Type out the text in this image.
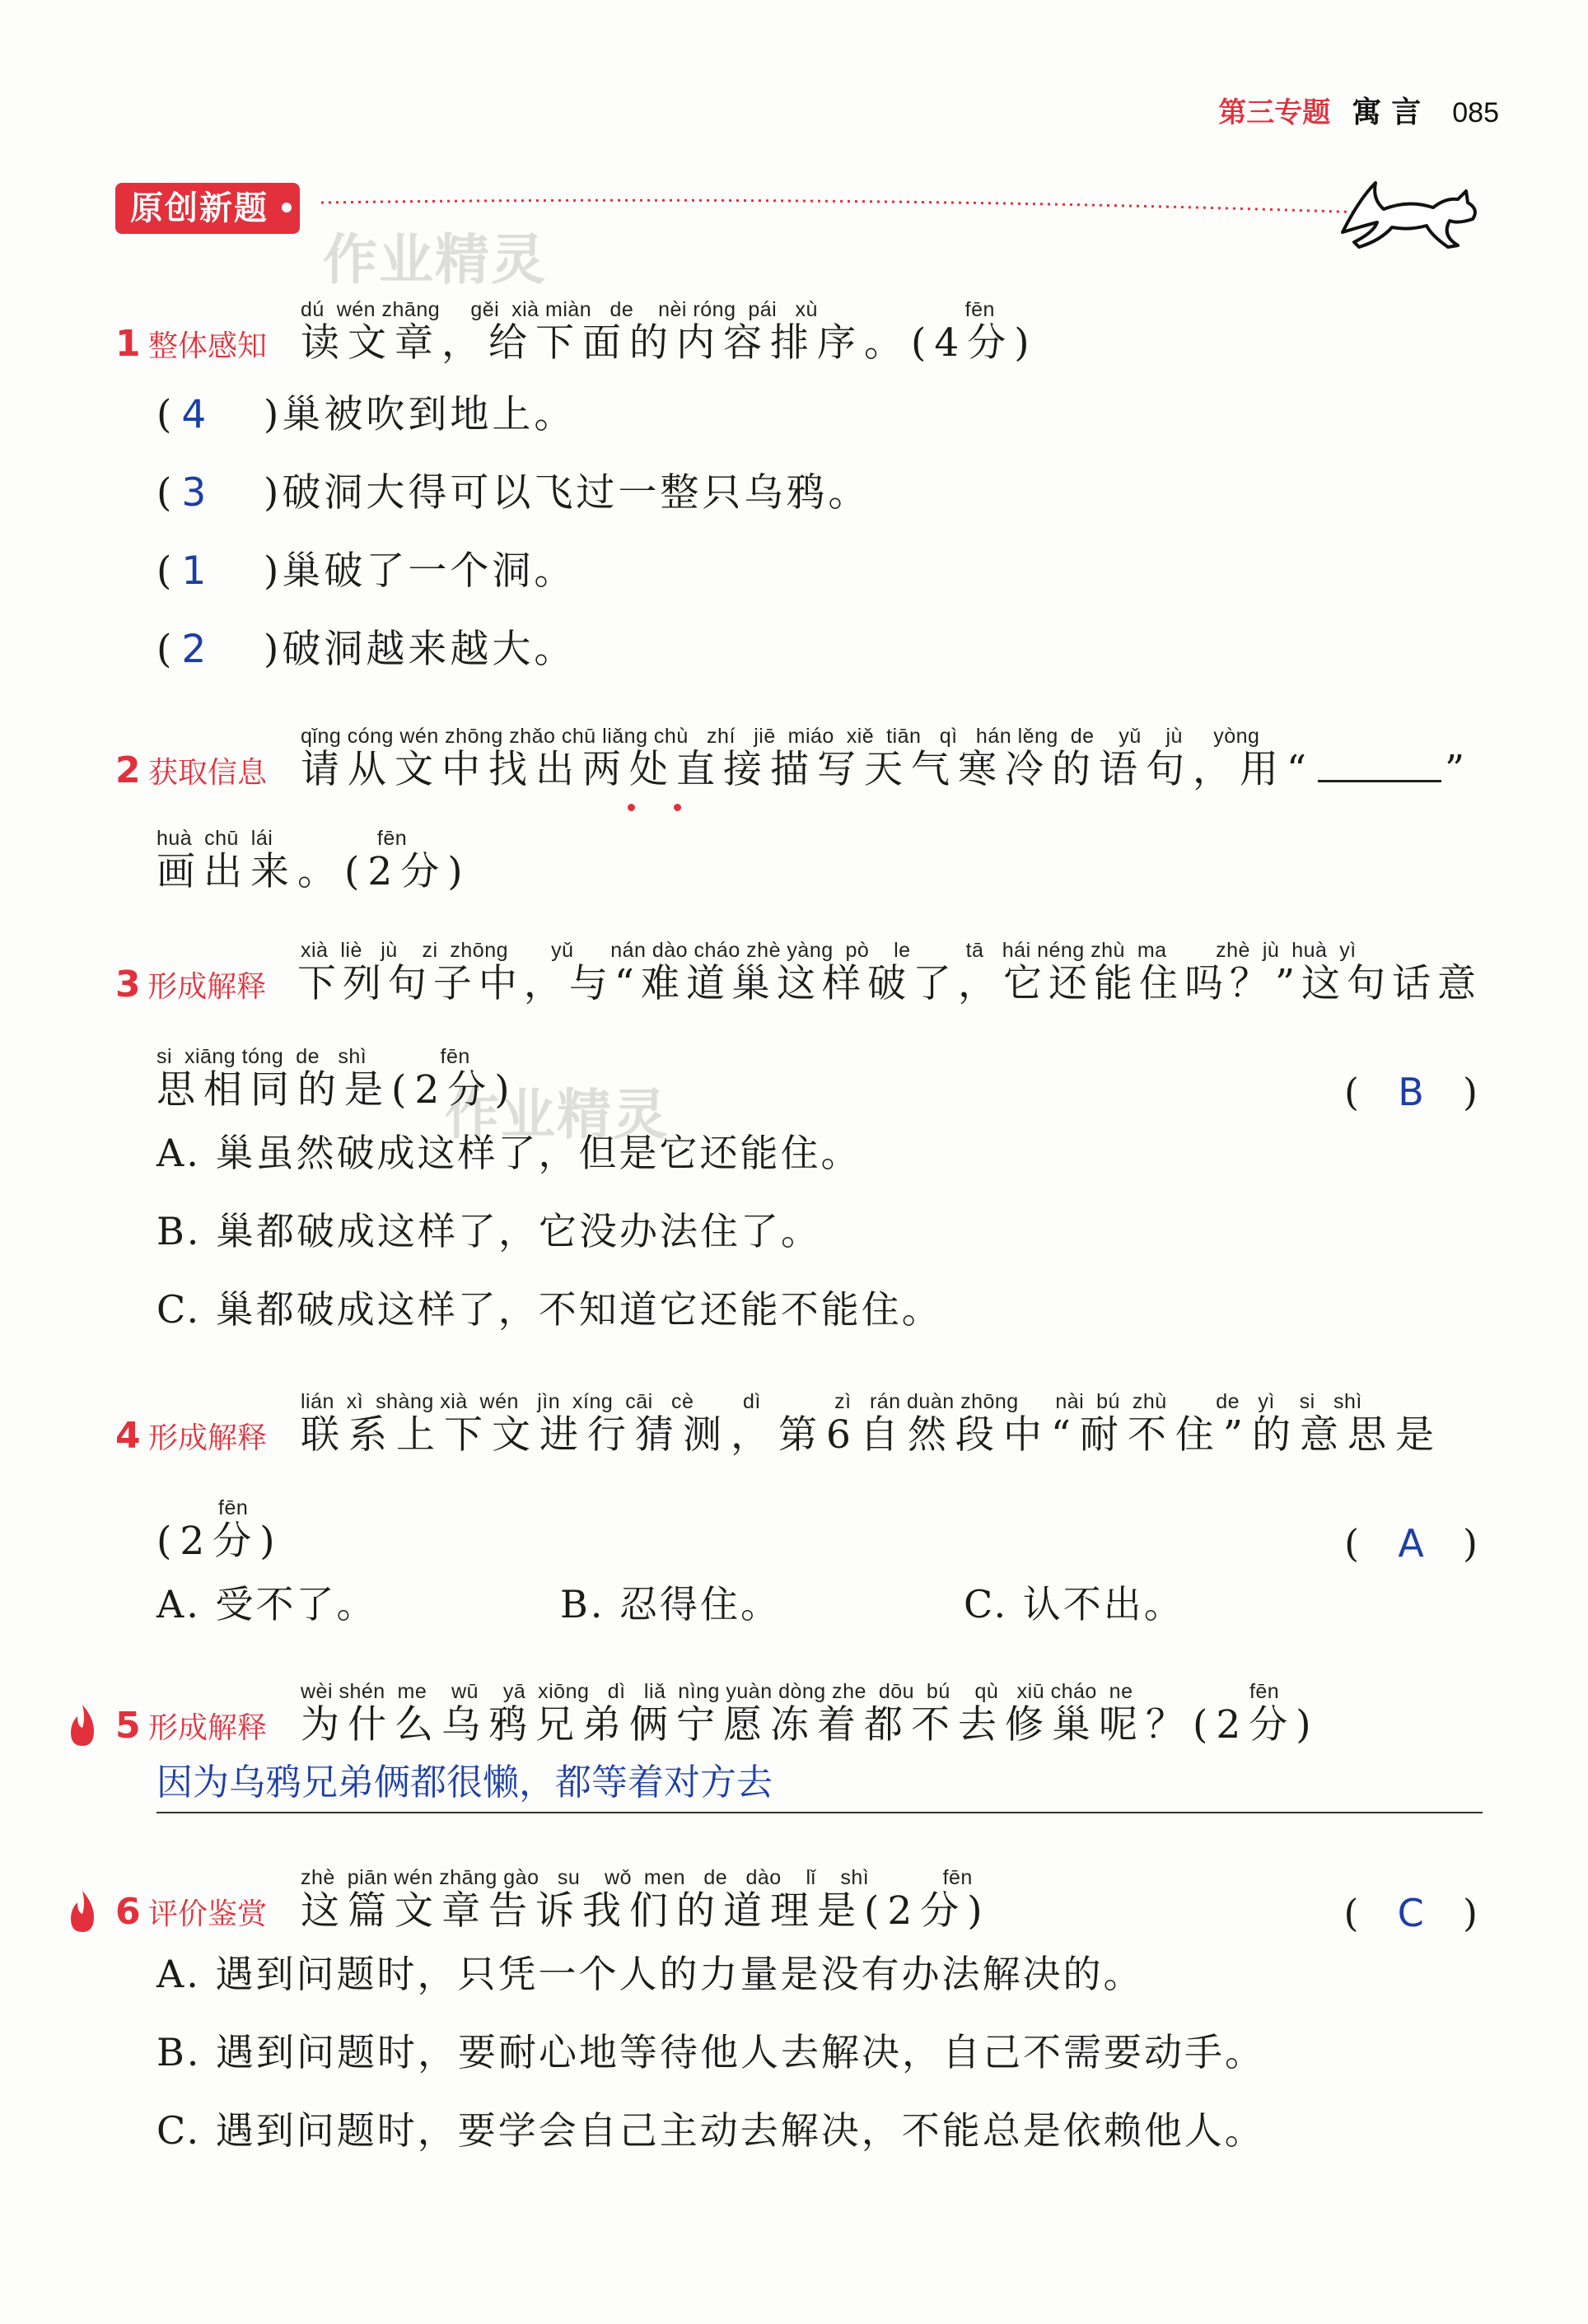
第三专题 寓言 085
原创新题
作业精灵
作业精灵
dú  wén zhāng     gěi  xià miàn   de    nèi róng  pái   xù                        fēn
1 整体感知 读文章，给下面的内容排序。(4分)
( 4 )巢被吹到地上。
( 3 )破洞大得可以飞过一整只乌鸦。
( 1 )巢破了一个洞。
( 2 )破洞越来越大。
qǐng cóng wén zhōng zhǎo chū liǎng chù   zhí   jiē  miáo  xiě  tiān   qì   hán lěng  de    yǔ    jù     yòng
2 获取信息 请从文中找出两处直接描写天气寒冷的语句，用“	”
huà  chū  lái                 fēn
画出来。(2分)
xià  liè   jù    zi  zhōng       yǔ      nán dào cháo zhè yàng  pò    le         tā   hái néng zhù  ma        zhè  jù  huà  yì
3 形成解释 下列句子中，与“难道巢这样破了，它还能住吗？”这句话意
si  xiāng tóng  de   shì            fēn
思相同的是(2分)	( B )
A. 巢虽然破成这样了，但是它还能住。
B. 巢都破成这样了，它没办法住了。
C. 巢都破成这样了，不知道它还能不能住。
lián  xì  shàng xià  wén   jìn  xíng  cāi   cè        dì            zì   rán duàn zhōng      nài  bú  zhù        de   yì    si   shì
4 形成解释 联系上下文进行猜测，第6自然段中“耐不住”的意思是
fēn
(2分)	( A )
A. 受不了。	B. 忍得住。	C. 认不出。
wèi shén  me    wū    yā  xiōng   dì   liǎ  nìng yuàn dòng zhe  dōu  bú    qù   xiū cháo  ne                   fēn
5 形成解释 为什么乌鸦兄弟俩宁愿冻着都不去修巢呢？(2分)
因为乌鸦兄弟俩都很懒，都等着对方去
zhè  piān wén zhāng gào   su    wǒ  men   de   dào    lǐ    shì            fēn
6 评价鉴赏 这篇文章告诉我们的道理是(2分)	( C )
A. 遇到问题时，只凭一个人的力量是没有办法解决的。
B. 遇到问题时，要耐心地等待他人去解决，自己不需要动手。
C. 遇到问题时，要学会自己主动去解决，不能总是依赖他人。
